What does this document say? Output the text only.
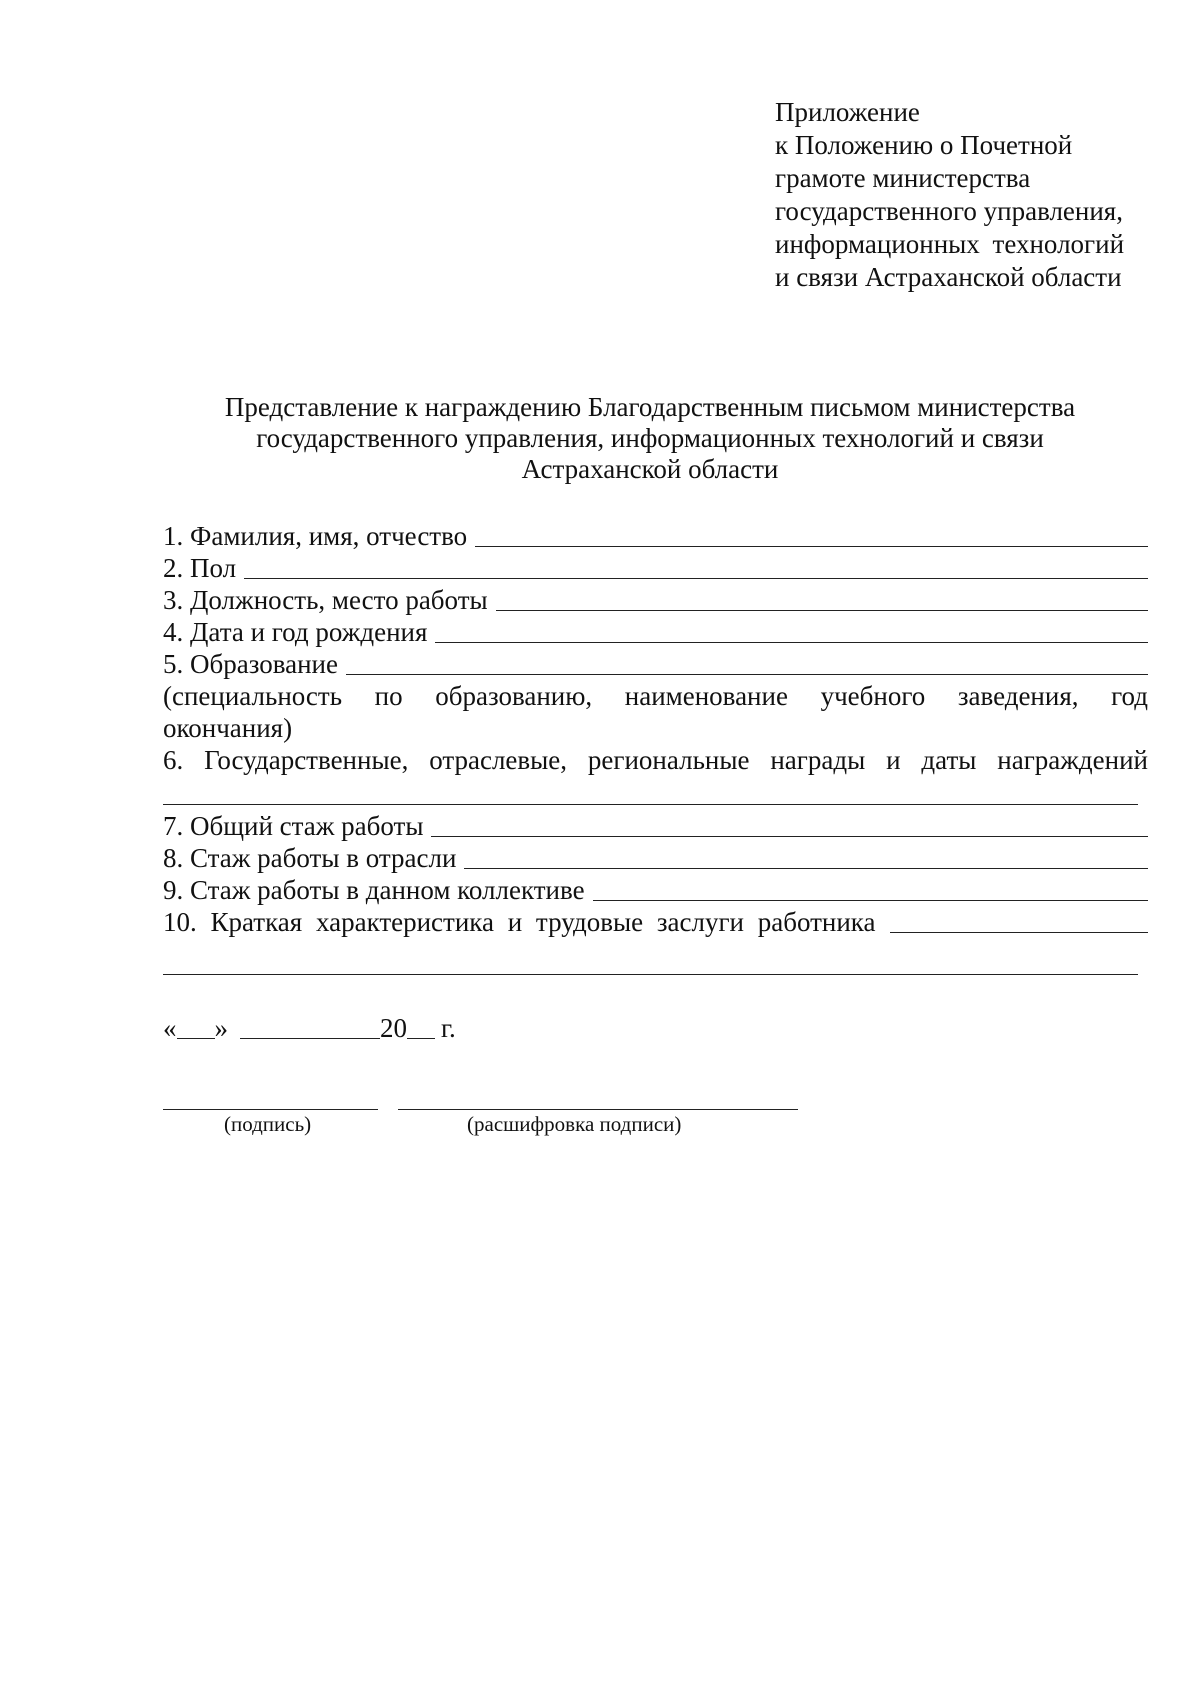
Приложение
к Положению о Почетной
грамоте министерства
государственного управления,
информационных технологий
и связи Астраханской области
Представление к награждению Благодарственным письмом министерства
государственного управления, информационных технологий и связи
Астраханской области
1. Фамилия, имя, отчество
2. Пол
3. Должность, место работы
4. Дата и год рождения
5. Образование
(специальность по образованию, наименование учебного заведения, год
окончания)
6. Государственные, отраслевые, региональные награды и даты награждений
7. Общий стаж работы
8. Стаж работы в отрасли
9. Стаж работы в данном коллективе
10. Краткая характеристика и трудовые заслуги работника
« »	20 г.
(подпись)	(расшифровка подписи)
